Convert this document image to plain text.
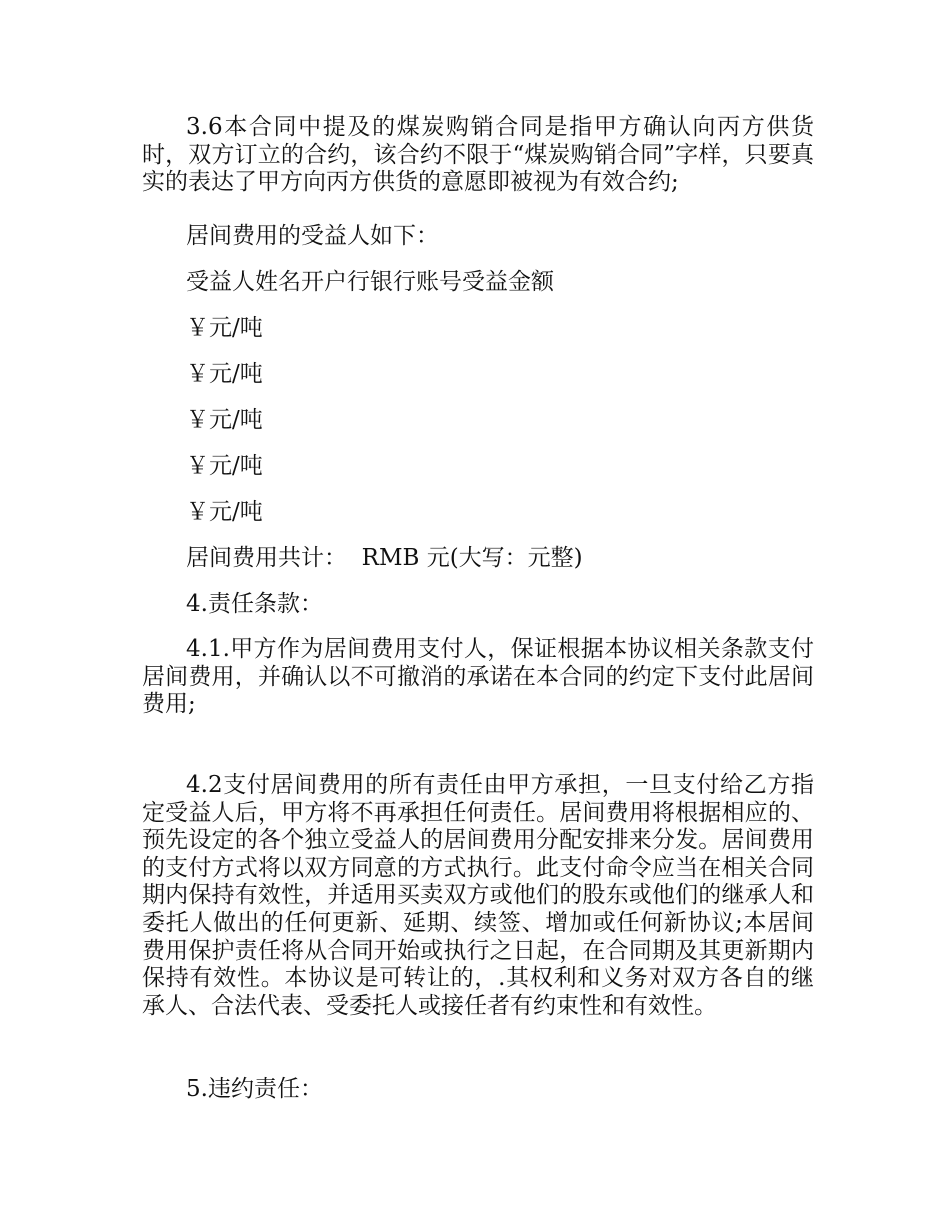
3.6本合同中提及的煤炭购销合同是指甲方确认向丙方供货时，双方订立的合约，该合约不限于“煤炭购销合同”字样，只要真实的表达了甲方向丙方供货的意愿即被视为有效合约;

居间费用的受益人如下：

受益人姓名开户行银行账号受益金额

￥元/吨

￥元/吨

￥元/吨

￥元/吨

￥元/吨

居间费用共计：  RMB 元(大写：元整)

4.责任条款：

4.1.甲方作为居间费用支付人，保证根据本协议相关条款支付居间费用，并确认以不可撤消的承诺在本合同的约定下支付此居间费用;

4.2支付居间费用的所有责任由甲方承担，一旦支付给乙方指定受益人后，甲方将不再承担任何责任。居间费用将根据相应的、预先设定的各个独立受益人的居间费用分配安排来分发。居间费用的支付方式将以双方同意的方式执行。此支付命令应当在相关合同期内保持有效性，并适用买卖双方或他们的股东或他们的继承人和委托人做出的任何更新、延期、续签、增加或任何新协议;本居间费用保护责任将从合同开始或执行之日起，在合同期及其更新期内保持有效性。本协议是可转让的，.其权利和义务对双方各自的继承人、合法代表、受委托人或接任者有约束性和有效性。

5.违约责任：
